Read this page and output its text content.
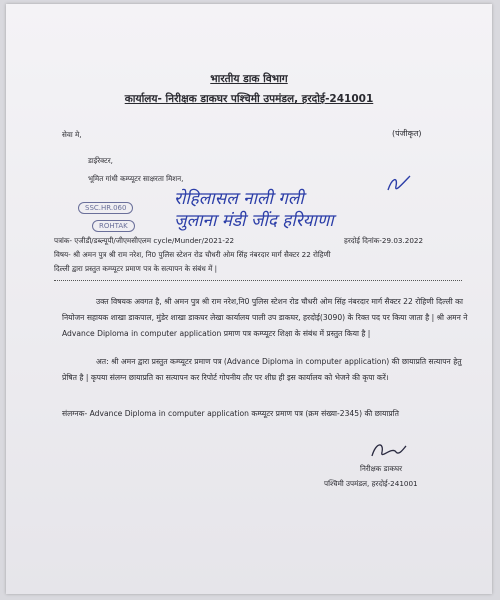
भारतीय डाक विभाग
कार्यालय- निरीक्षक डाकघर पश्चिमी उपमंडल, हरदोई-241001
सेवा मे,	(पंजीकृत)
डाईरेक्टर,
भूमित गांधी कम्प्यूटर साक्षरता मिशन,
रोहिलासल नाली गली
जुलाना मंडी जींद हरियाणा
SSC.HR.060
ROHTAK
पत्रांक- एजीडी/डब्ल्यूपी/जीएमसीएलम cycle/Munder/2021-22	हरदोई दिनांक-29.03.2022
विषय- श्री अमन पुत्र श्री राम नरेश, नि0 पुलिस स्टेशन रोड चौधरी ओम सिंह नंबरदार मार्ग सैक्टर 22 रोहिणी
दिल्ली द्वारा प्रस्तुत कम्प्यूटर प्रमाण पत्र के सत्यापन के संबंध में |
उक्त विषयक अवगत है, श्री अमन पुत्र श्री राम नरेश,नि0 पुलिस स्टेशन रोड चौधरी ओम सिंह नंबरदार मार्ग सैक्टर 22 रोहिणी दिल्ली का नियोजन सहायक शाखा डाकपाल, मुंडेर शाखा डाकघर लेखा कार्यालय पाली उप डाकघर, हरदोई(3090) के रिक्त पद पर किया जाता है | श्री अमन ने Advance Diploma in computer application प्रमाण पत्र कम्प्यूटर शिक्षा के संबंध में प्रस्तुत किया है |
अत: श्री अमन द्वारा प्रस्तुत कम्प्यूटर प्रमाण पत्र (Advance Diploma in computer application) की छायाप्रति सत्यापन हेतु प्रेषित है | कृपया संलग्न छायाप्रति का सत्यापन कर रिपोर्ट गोपनीय तौर पर शीघ्र ही इस कार्यालय को भेजने की कृपा करें।
संलग्नक- Advance Diploma in computer application कम्प्यूटर प्रमाण पत्र (क्रम संख्या-2345) की छायाप्रति
निरीक्षक डाकघर
पश्चिमी उपमंडल, हरदोई-241001
